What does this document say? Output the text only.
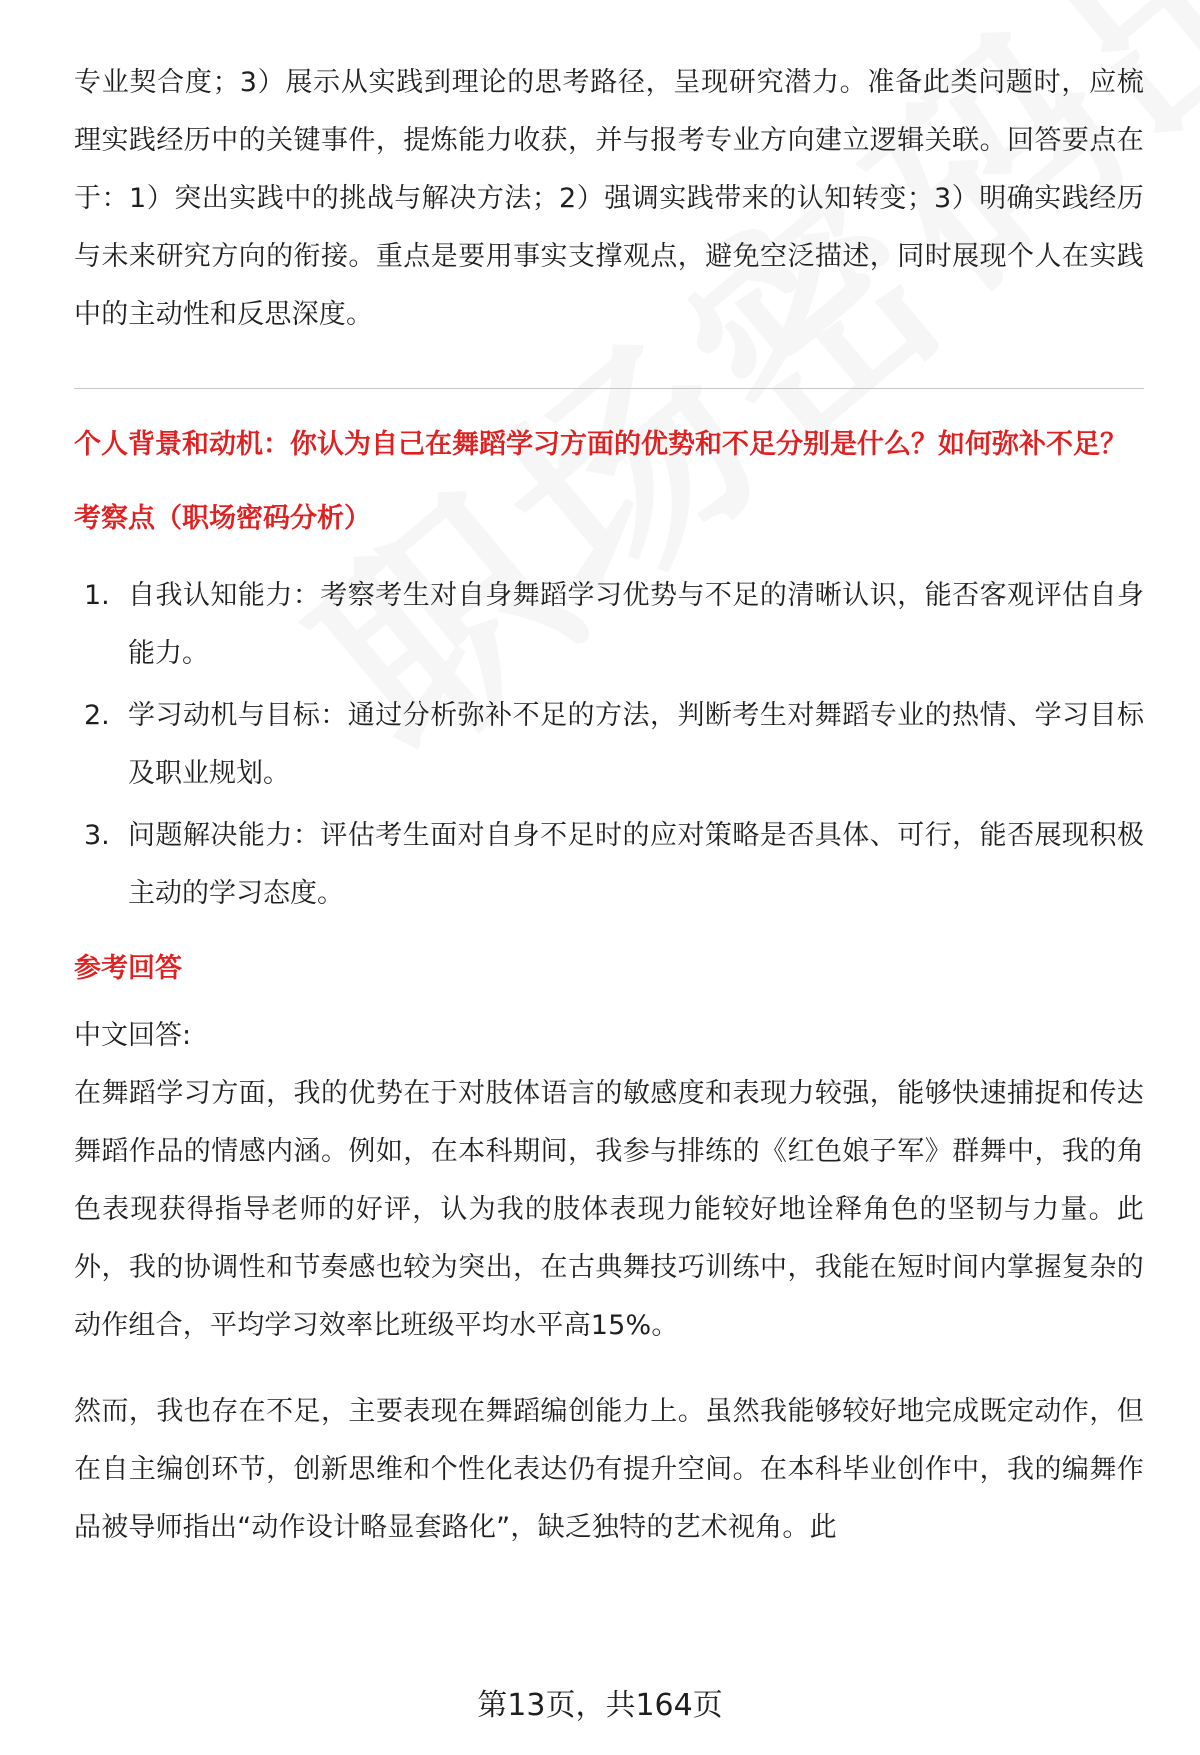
专业契合度；3）展示从实践到理论的思考路径，呈现研究潜力。准备此类问题时，应梳理实践经历中的关键事件，提炼能力收获，并与报考专业方向建立逻辑关联。回答要点在于：1）突出实践中的挑战与解决方法；2）强调实践带来的认知转变；3）明确实践经历与未来研究方向的衔接。重点是要用事实支撑观点，避免空泛描述，同时展现个人在实践中的主动性和反思深度。

个人背景和动机：你认为自己在舞蹈学习方面的优势和不足分别是什么？如何弥补不足？

考察点（职场密码分析）
1. 自我认知能力：考察考生对自身舞蹈学习优势与不足的清晰认识，能否客观评估自身能力。
2. 学习动机与目标：通过分析弥补不足的方法，判断考生对舞蹈专业的热情、学习目标及职业规划。
3. 问题解决能力：评估考生面对自身不足时的应对策略是否具体、可行，能否展现积极主动的学习态度。
参考回答

中文回答:

在舞蹈学习方面，我的优势在于对肢体语言的敏感度和表现力较强，能够快速捕捉和传达舞蹈作品的情感内涵。例如，在本科期间，我参与排练的《红色娘子军》群舞中，我的角色表现获得指导老师的好评，认为我的肢体表现力能较好地诠释角色的坚韧与力量。此外，我的协调性和节奏感也较为突出，在古典舞技巧训练中，我能在短时间内掌握复杂的动作组合，平均学习效率比班级平均水平高15%。

然而，我也存在不足，主要表现在舞蹈编创能力上。虽然我能够较好地完成既定动作，但在自主编创环节，创新思维和个性化表达仍有提升空间。在本科毕业创作中，我的编舞作品被导师指出“动作设计略显套路化”，缺乏独特的艺术视角。此

第13页，共164页
